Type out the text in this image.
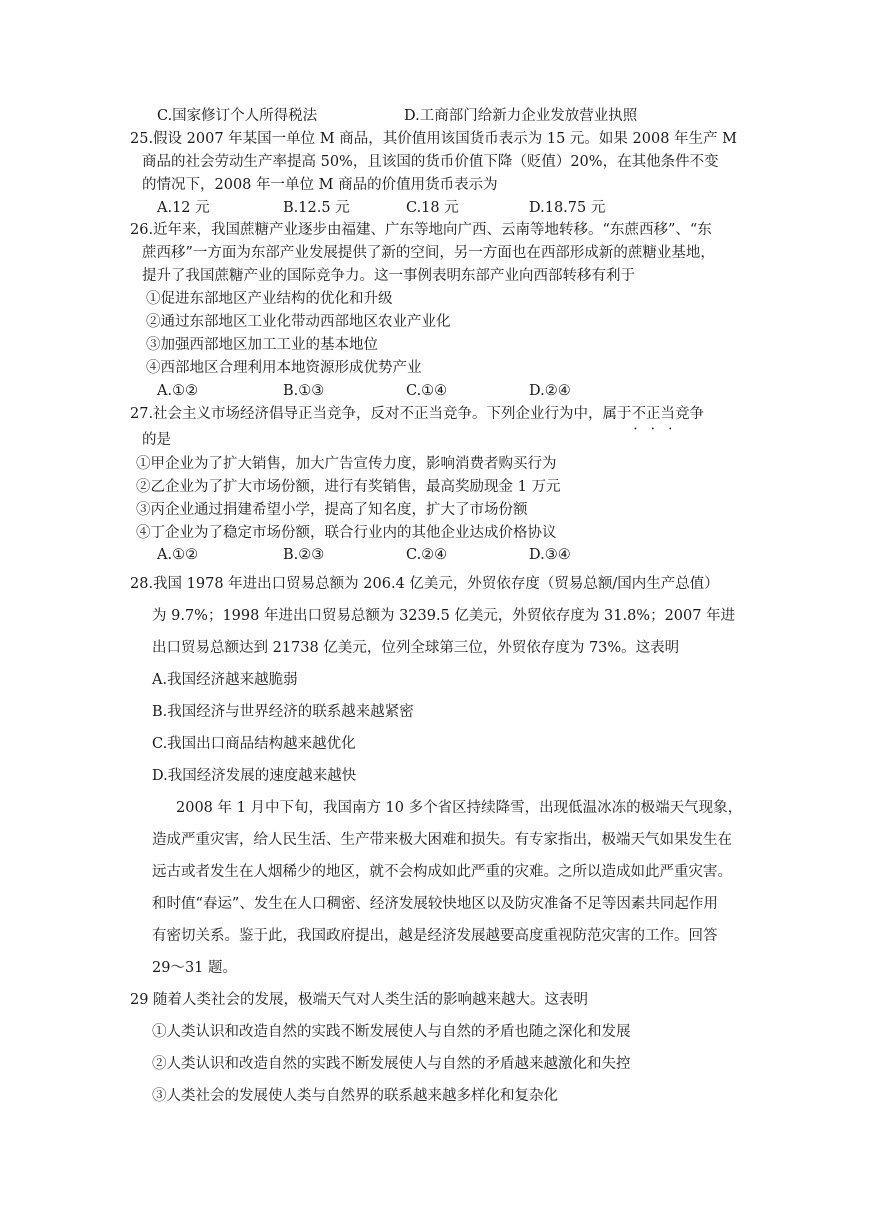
C.国家修订个人所得税法	D.工商部门给新力企业发放营业执照
25.假设 2007 年某国一单位 M 商品，其价值用该国货币表示为 15 元。如果 2008 年生产 M
商品的社会劳动生产率提高 50%，且该国的货币价值下降（贬值）20%，在其他条件不变
的情况下，2008 年一单位 M 商品的价值用货币表示为
A.12 元	B.12.5 元	C.18 元	D.18.75 元
26.近年来，我国蔗糖产业逐步由福建、广东等地向广西、云南等地转移。“东蔗西移”、“东
蔗西移”一方面为东部产业发展提供了新的空间，另一方面也在西部形成新的蔗糖业基地，
提升了我国蔗糖产业的国际竞争力。这一事例表明东部产业向西部转移有利于
①促进东部地区产业结构的优化和升级
②通过东部地区工业化带动西部地区农业产业化
③加强西部地区加工工业的基本地位
④西部地区合理利用本地资源形成优势产业
A.①②	B.①③	C.①④	D.②④
27.社会主义市场经济倡导正当竞争，反对不正当竞争。下列企业行为中，属于不正当 • • •竞争
的是
①甲企业为了扩大销售，加大广告宣传力度，影响消费者购买行为
②乙企业为了扩大市场份额，进行有奖销售，最高奖励现金 1 万元
③丙企业通过捐建希望小学，提高了知名度，扩大了市场份额
④丁企业为了稳定市场份额，联合行业内的其他企业达成价格协议
A.①②	B.②③	C.②④	D.③④
28.我国 1978 年进出口贸易总额为 206.4 亿美元，外贸依存度（贸易总额/国内生产总值）
为 9.7%；1998 年进出口贸易总额为 3239.5 亿美元，外贸依存度为 31.8%；2007 年进
出口贸易总额达到 21738 亿美元，位列全球第三位，外贸依存度为 73%。这表明
A.我国经济越来越脆弱
B.我国经济与世界经济的联系越来越紧密
C.我国出口商品结构越来越优化
D.我国经济发展的速度越来越快
2008 年 1 月中下旬，我国南方 10 多个省区持续降雪，出现低温冰冻的极端天气现象，
造成严重灾害，给人民生活、生产带来极大困难和损失。有专家指出，极端天气如果发生在
远古或者发生在人烟稀少的地区，就不会构成如此严重的灾难。之所以造成如此严重灾害。
和时值“春运”、发生在人口稠密、经济发展较快地区以及防灾准备不足等因素共同起作用
有密切关系。鉴于此，我国政府提出，越是经济发展越要高度重视防范灾害的工作。回答
29～31 题。
29 随着人类社会的发展，极端天气对人类生活的影响越来越大。这表明
①人类认识和改造自然的实践不断发展使人与自然的矛盾也随之深化和发展
②人类认识和改造自然的实践不断发展使人与自然的矛盾越来越激化和失控
③人类社会的发展使人类与自然界的联系越来越多样化和复杂化
